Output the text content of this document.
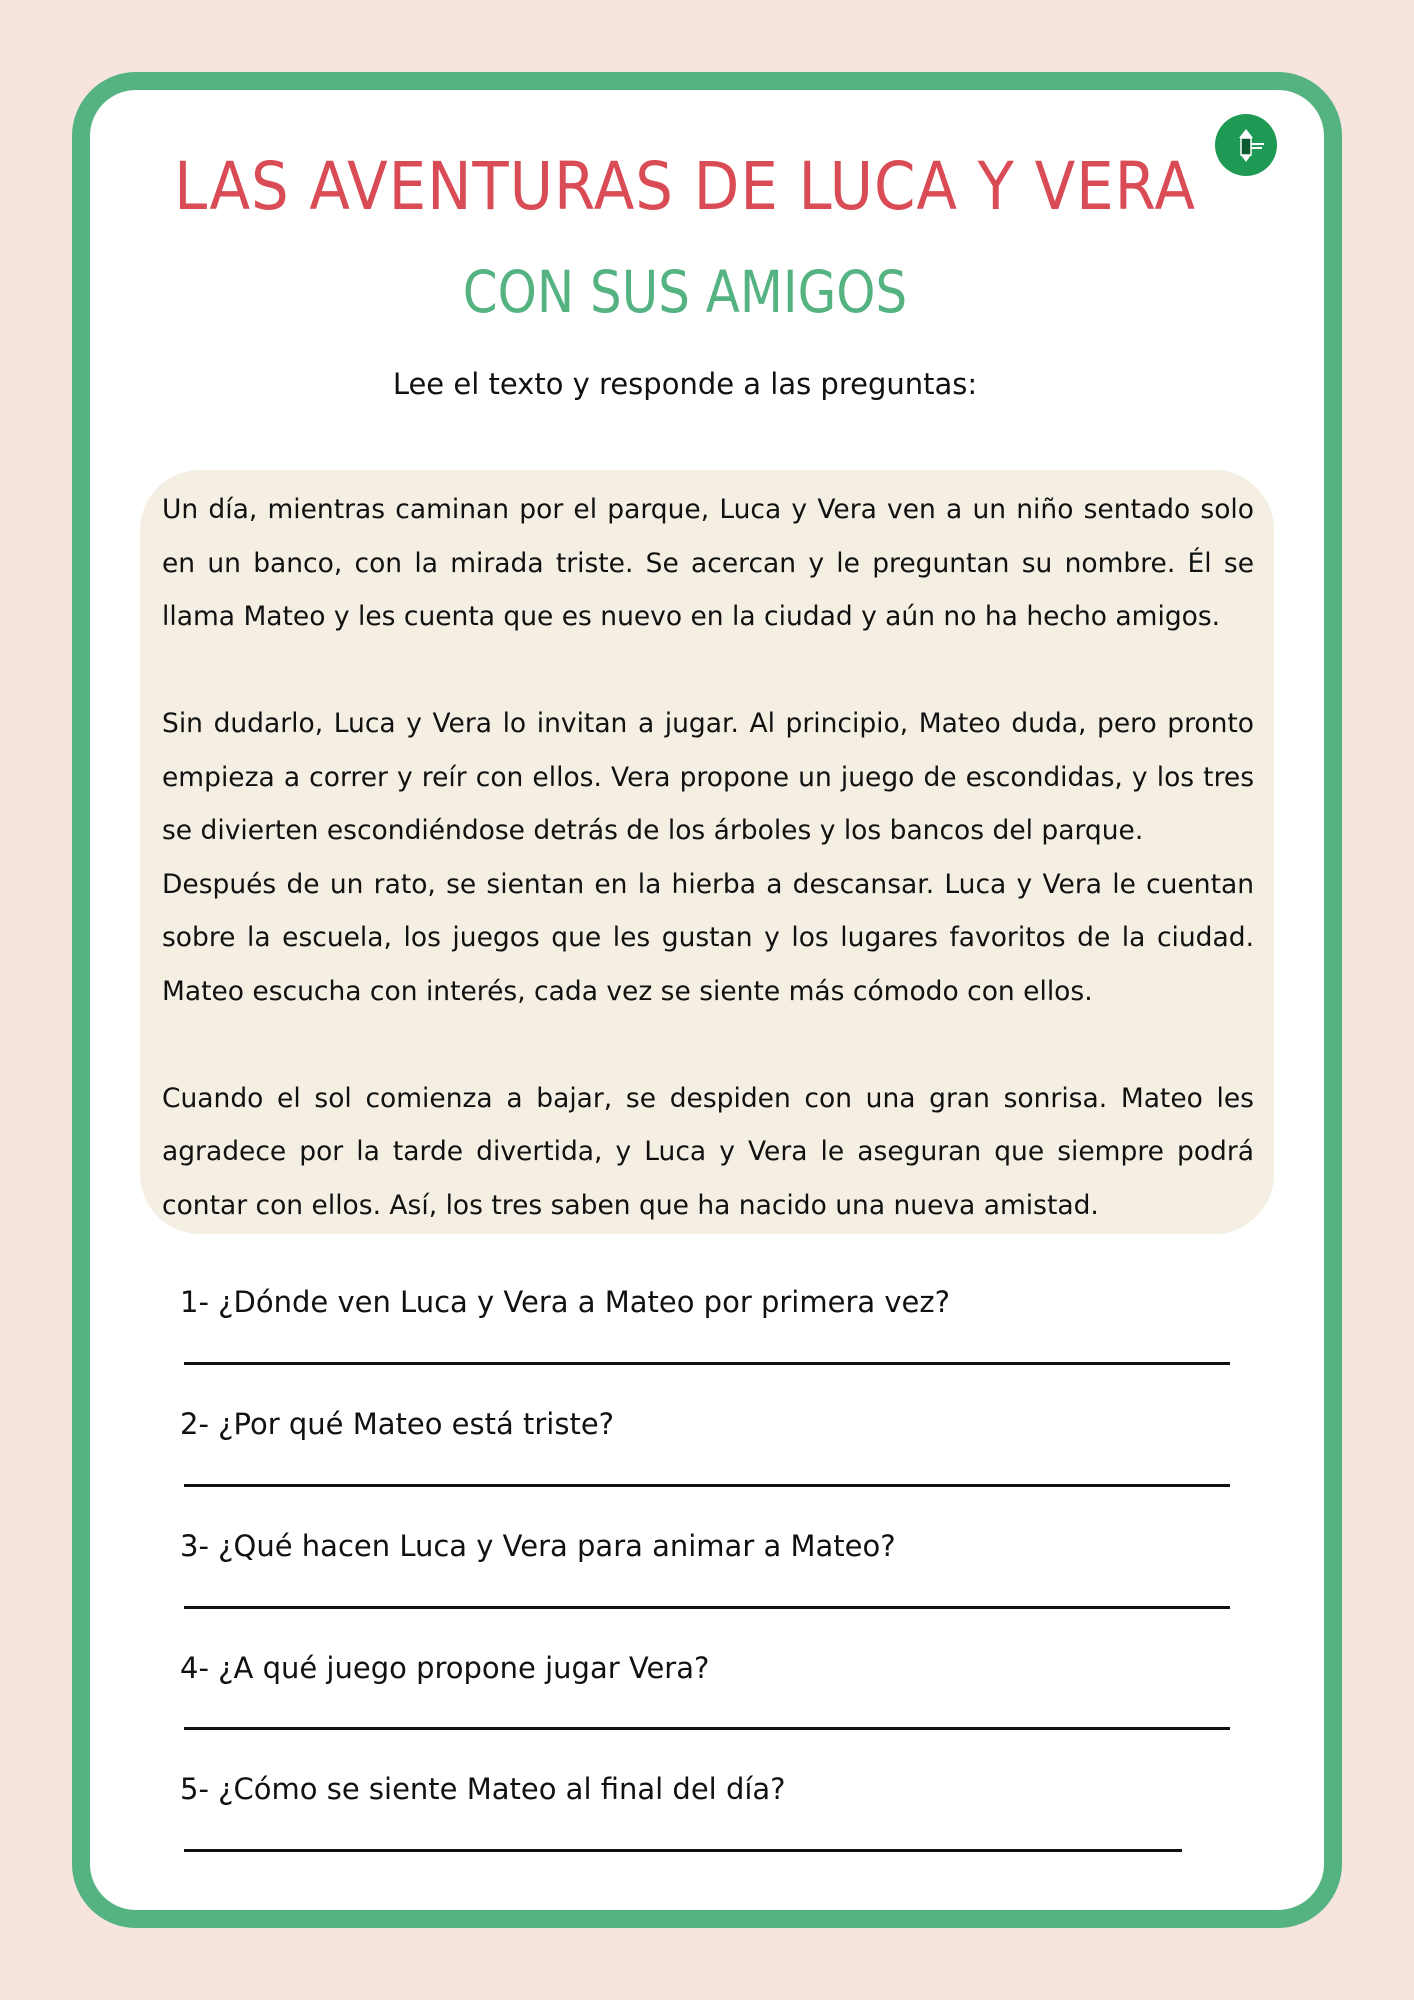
LAS AVENTURAS DE LUCA Y VERA
CON SUS AMIGOS
Lee el texto y responde a las preguntas:

Un día, mientras caminan por el parque, Luca y Vera ven a un niño sentado solo en un banco, con la mirada triste. Se acercan y le preguntan su nombre. Él se llama Mateo y les cuenta que es nuevo en la ciudad y aún no ha hecho amigos.

Sin dudarlo, Luca y Vera lo invitan a jugar. Al principio, Mateo duda, pero pronto empieza a correr y reír con ellos. Vera propone un juego de escondidas, y los tres se divierten escondiéndose detrás de los árboles y los bancos del parque.

Después de un rato, se sientan en la hierba a descansar. Luca y Vera le cuentan sobre la escuela, los juegos que les gustan y los lugares favoritos de la ciudad. Mateo escucha con interés, cada vez se siente más cómodo con ellos.

Cuando el sol comienza a bajar, se despiden con una gran sonrisa. Mateo les agradece por la tarde divertida, y Luca y Vera le aseguran que siempre podrá contar con ellos. Así, los tres saben que ha nacido una nueva amistad.

1- ¿Dónde ven Luca y Vera a Mateo por primera vez?
2- ¿Por qué Mateo está triste?
3- ¿Qué hacen Luca y Vera para animar a Mateo?
4- ¿A qué juego propone jugar Vera?
5- ¿Cómo se siente Mateo al final del día?
